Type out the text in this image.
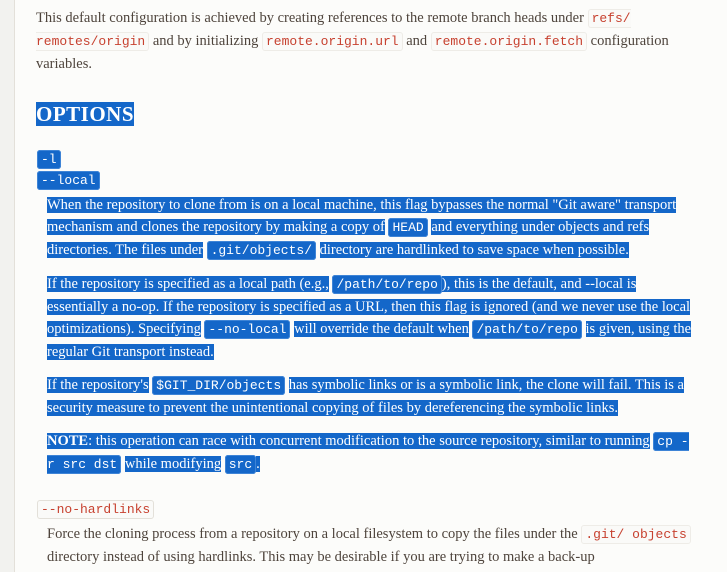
This default configuration is achieved by creating references to the remote branch heads under refs/ remotes/origin and by initializing remote.origin.url and remote.origin.fetch configuration variables.

OPTIONS
-l
--local

When the repository to clone from is on a local machine, this flag bypasses the normal "Git aware" transport mechanism and clones the repository by making a copy of HEAD and everything under objects and refs directories. The files under .git/objects/ directory are hardlinked to save space when possible.

If the repository is specified as a local path (e.g., /path/to/repo ), this is the default, and --local is essentially a no-op. If the repository is specified as a URL, then this flag is ignored (and we never use the local optimizations). Specifying --no-local will override the default when /path/to/repo is given, using the regular Git transport instead.

If the repository's $GIT_DIR/objects has symbolic links or is a symbolic link, the clone will fail. This is a security measure to prevent the unintentional copying of files by dereferencing the symbolic links.

NOTE: this operation can race with concurrent modification to the source repository, similar to running cp -r src dst while modifying src .

--no-hardlinks

Force the cloning process from a repository on a local filesystem to copy the files under the .git/ objects directory instead of using hardlinks. This may be desirable if you are trying to make a back-up
